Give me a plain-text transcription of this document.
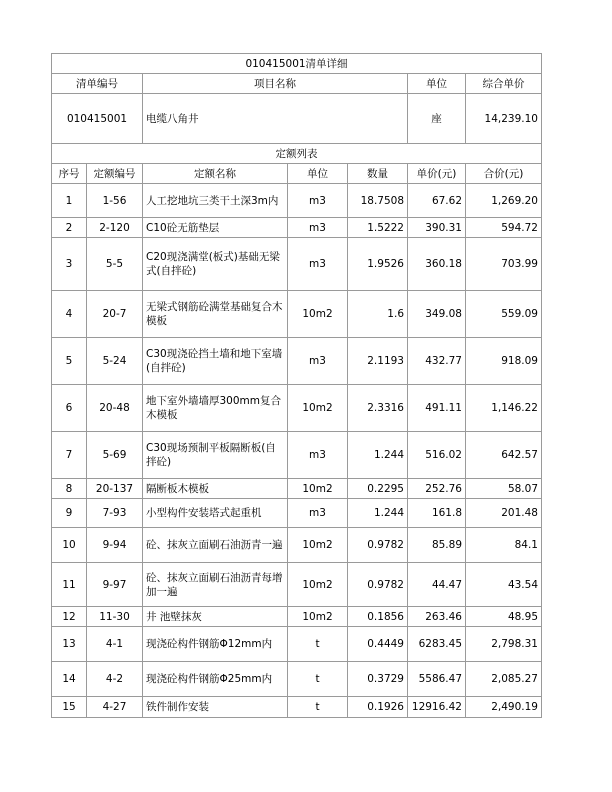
010415001清单详细						
清单编号		项目名称			单位	综合单价
010415001		电缆八角井			座	14,239.10
定额列表						
序号	定额编号	定额名称	单位	数量	单价(元)	合价(元)
1	1-56	人工挖地坑三类干土深3m内	m3	18.7508	67.62	1,269.20
2	2-120	C10砼无筋垫层	m3	1.5222	390.31	594.72
3	5-5	C20现浇满堂(板式)基础无梁式(自拌砼)	m3	1.9526	360.18	703.99
4	20-7	无梁式钢筋砼满堂基础复合木模板	10m2	1.6	349.08	559.09
5	5-24	C30现浇砼挡土墙和地下室墙(自拌砼)	m3	2.1193	432.77	918.09
6	20-48	地下室外墙墙厚300mm复合木模板	10m2	2.3316	491.11	1,146.22
7	5-69	C30现场预制平板隔断板(自拌砼)	m3	1.244	516.02	642.57
8	20-137	隔断板木模板	10m2	0.2295	252.76	58.07
9	7-93	小型构件安装塔式起重机	m3	1.244	161.8	201.48
10	9-94	砼、抹灰立面刷石油沥青一遍	10m2	0.9782	85.89	84.1
11	9-97	砼、抹灰立面刷石油沥青每增加一遍	10m2	0.9782	44.47	43.54
12	11-30	井 池壁抹灰	10m2	0.1856	263.46	48.95
13	4-1	现浇砼构件钢筋Φ12mm内	t	0.4449	6283.45	2,798.31
14	4-2	现浇砼构件钢筋Φ25mm内	t	0.3729	5586.47	2,085.27
15	4-27	铁件制作安装	t	0.1926	12916.42	2,490.19
